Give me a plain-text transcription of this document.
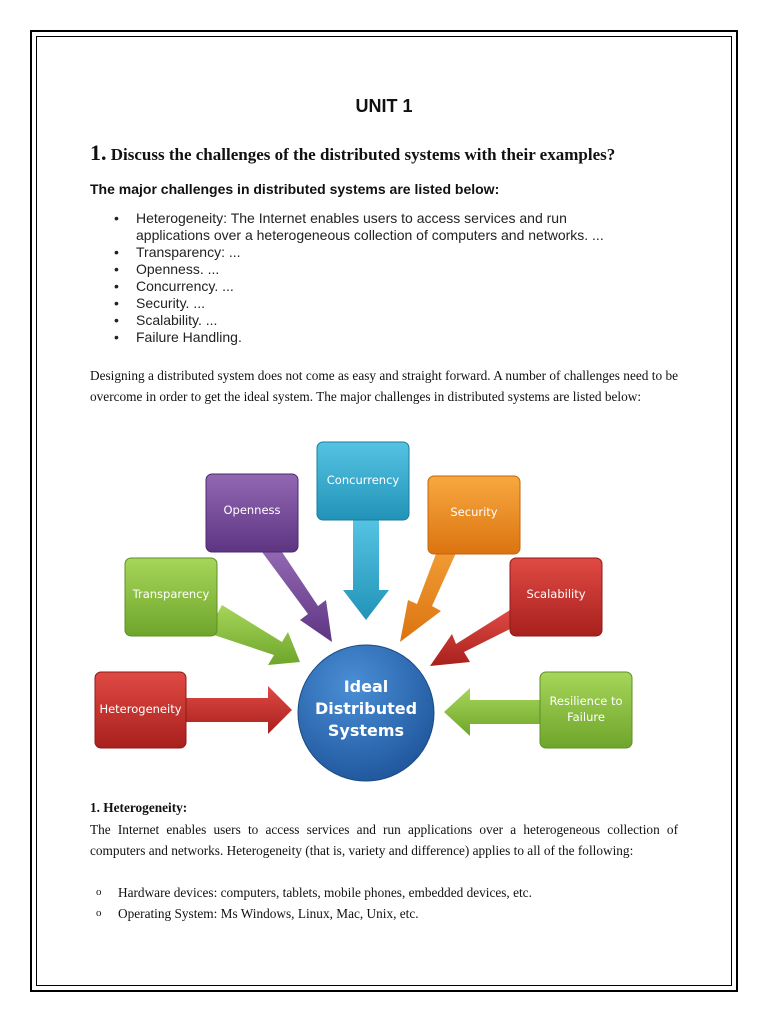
UNIT 1
1. Discuss the challenges of the distributed systems with their examples?
The major challenges in distributed systems are listed below:
• Heterogeneity: The Internet enables users to access services and run
applications over a heterogeneous collection of computers and networks. ...
• Transparency: ...
• Openness. ...
• Concurrency. ...
• Security. ...
• Scalability. ...
• Failure Handling.

Designing a distributed system does not come as easy and straight forward. A number of challenges need to be overcome in order to get the ideal system. The major challenges in distributed systems are listed below:

Heterogeneity
Transparency
Openness
Concurrency
Security
Scalability
Resilience to
Failure
Ideal
Distributed
Systems
1. Heterogeneity:

The Internet enables users to access services and run applications over a heterogeneous collection of computers and networks. Heterogeneity (that is, variety and difference) applies to all of the following:

o Hardware devices: computers, tablets, mobile phones, embedded devices, etc.
o Operating System: Ms Windows, Linux, Mac, Unix, etc.
